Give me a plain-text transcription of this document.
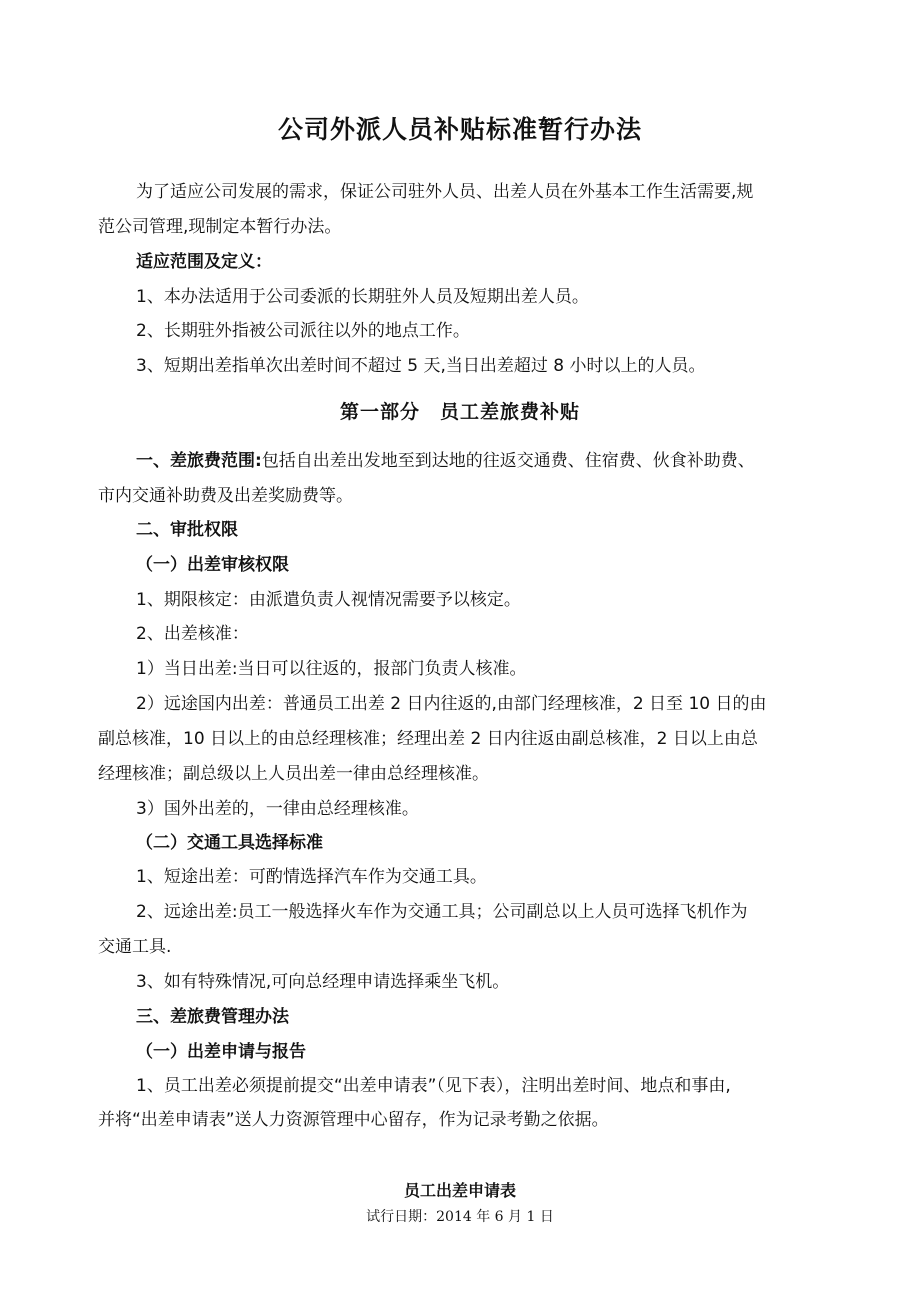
公司外派人员补贴标准暂行办法
为了适应公司发展的需求，保证公司驻外人员、出差人员在外基本工作生活需要,规
范公司管理,现制定本暂行办法。
适应范围及定义：
1、本办法适用于公司委派的长期驻外人员及短期出差人员。
2、长期驻外指被公司派往以外的地点工作。
3、短期出差指单次出差时间不超过 5 天,当日出差超过 8 小时以上的人员。
第一部分　员工差旅费补贴
一、差旅费范围:包括自出差出发地至到达地的往返交通费、住宿费、伙食补助费、
市内交通补助费及出差奖励费等。
二、审批权限
（一）出差审核权限
1、期限核定：由派遣负责人视情况需要予以核定。
2、出差核准：
1）当日出差:当日可以往返的，报部门负责人核准。
2）远途国内出差：普通员工出差 2 日内往返的,由部门经理核准，2 日至 10 日的由
副总核准，10 日以上的由总经理核准；经理出差 2 日内往返由副总核准，2 日以上由总
经理核准；副总级以上人员出差一律由总经理核准。
3）国外出差的，一律由总经理核准。
（二）交通工具选择标准
1、短途出差：可酌情选择汽车作为交通工具。
2、远途出差:员工一般选择火车作为交通工具；公司副总以上人员可选择飞机作为
交通工具.
3、如有特殊情况,可向总经理申请选择乘坐飞机。
三、差旅费管理办法
（一）出差申请与报告
1、员工出差必须提前提交“出差申请表”（见下表），注明出差时间、地点和事由,
并将“出差申请表”送人力资源管理中心留存，作为记录考勤之依据。
员工出差申请表
试行日期：2014 年 6 月 1 日
